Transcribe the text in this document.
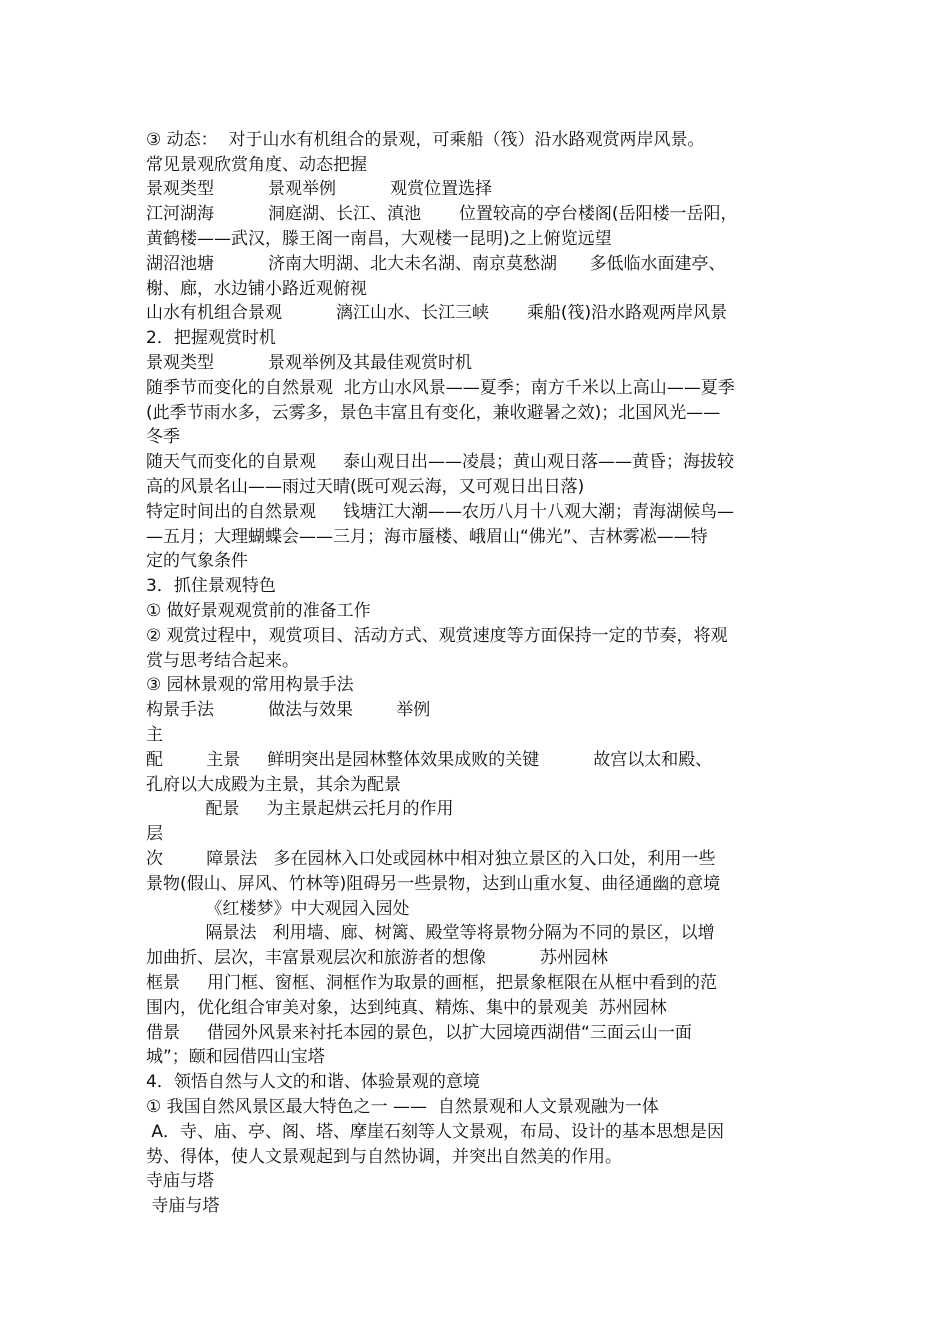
③ 动态：  对于山水有机组合的景观，可乘船（筏）沿水路观赏两岸风景。
常见景观欣赏角度、动态把握
景观类型          景观举例          观赏位置选择
江河湖海          洞庭湖、长江、滇池       位置较高的亭台楼阁(岳阳楼一岳阳，
黄鹤楼——武汉，滕王阁一南昌，大观楼一昆明)之上俯览远望
湖沼池塘          济南大明湖、北大未名湖、南京莫愁湖      多低临水面建亭、
榭、廊，水边铺小路近观俯视
山水有机组合景观          漓江山水、长江三峡       乘船(筏)沿水路观两岸风景
2．把握观赏时机
景观类型          景观举例及其最佳观赏时机
随季节而变化的自然景观  北方山水风景——夏季；南方千米以上高山——夏季
(此季节雨水多，云雾多，景色丰富且有变化，兼收避暑之效)；北国风光——
冬季
随天气而变化的自景观     泰山观日出——凌晨；黄山观日落——黄昏；海拔较
高的风景名山——雨过天晴(既可观云海，又可观日出日落)
特定时间出的自然景观     钱塘江大潮——农历八月十八观大潮；青海湖候鸟—
—五月；大理蝴蝶会——三月；海市蜃楼、峨眉山“佛光”、吉林雾凇——特
定的气象条件
3．抓住景观特色
① 做好景观观赏前的准备工作
② 观赏过程中，观赏项目、活动方式、观赏速度等方面保持一定的节奏，将观
赏与思考结合起来。
③ 园林景观的常用构景手法
构景手法          做法与效果        举例
主
配        主景     鲜明突出是园林整体效果成败的关键          故宫以太和殿、
孔府以大成殿为主景，其余为配景
配景     为主景起烘云托月的作用
层
次        障景法   多在园林入口处或园林中相对独立景区的入口处，利用一些
景物(假山、屏风、竹林等)阻碍另一些景物，达到山重水复、曲径通幽的意境
《红楼梦》中大观园入园处
隔景法   利用墙、廊、树篱、殿堂等将景物分隔为不同的景区，以增
加曲折、层次，丰富景观层次和旅游者的想像          苏州园林
框景     用门框、窗框、洞框作为取景的画框，把景象框限在从框中看到的范
围内，优化组合审美对象，达到纯真、精炼、集中的景观美  苏州园林
借景     借园外风景来衬托本园的景色，以扩大园境西湖借“三面云山一面
城”；颐和园借四山宝塔
4．领悟自然与人文的和谐、体验景观的意境
① 我国自然风景区最大特色之一 ——  自然景观和人文景观融为一体
A．寺、庙、亭、阁、塔、摩崖石刻等人文景观，布局、设计的基本思想是因
势、得体，使人文景观起到与自然协调，并突出自然美的作用。
寺庙与塔
寺庙与塔
